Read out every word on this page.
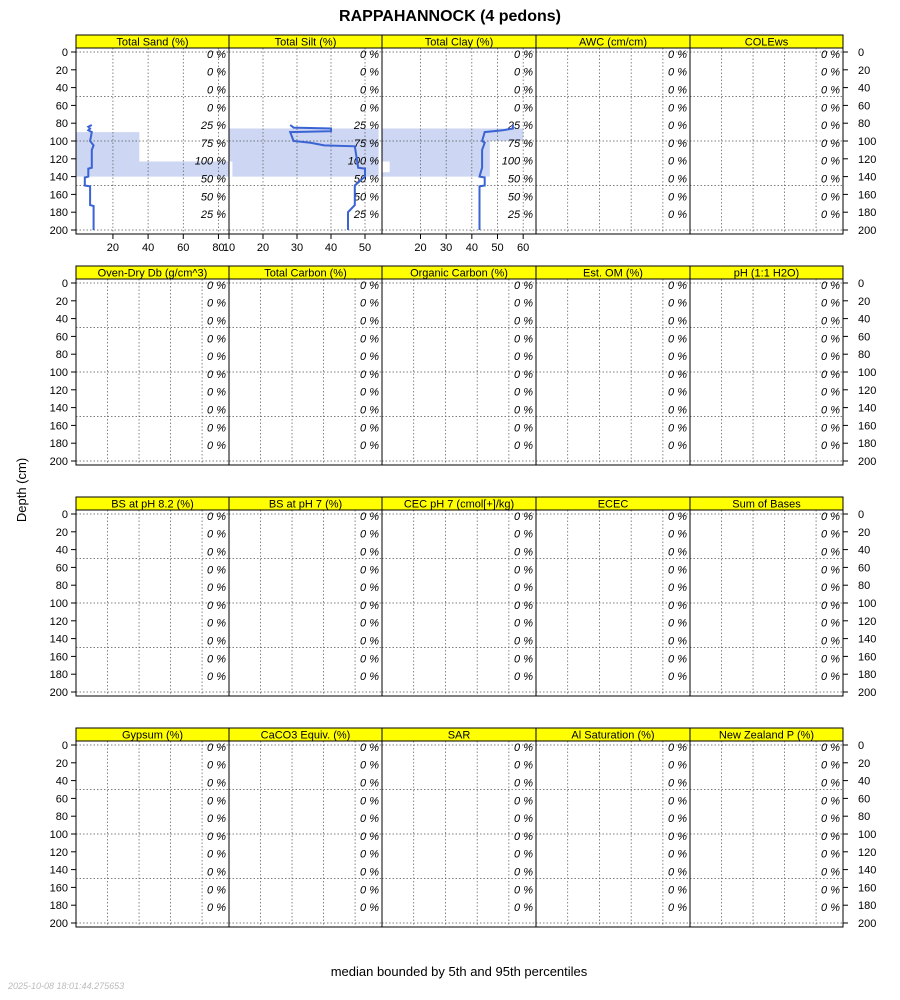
RAPPAHANNOCK (4 pedons)
Depth (cm)
median bounded by 5th and 95th percentiles
2025-10-08 18:01:44.275653
Total Sand (%)
0 %
0 %
0 %
0 %
25 %
75 %
100 %
50 %
50 %
25 %
20 40 60 80
Total Silt (%)
0 %
0 %
0 %
0 %
25 %
75 %
100 %
50 %
50 %
25 %
10 20 30 40 50
Total Clay (%)
0 %
0 %
0 %
0 %
25 %
75 %
100 %
50 %
50 %
25 %
20 30 40 50 60
AWC (cm/cm)
0 %
0 %
0 %
0 %
0 %
0 %
0 %
0 %
0 %
0 %
COLEws
0 %
0 %
0 %
0 %
0 %
0 %
0 %
0 %
0 %
0 %
0	0
20	20
40	40
60	60
80	80
100	100
120	120
140	140
160	160
180	180
200	200
Oven-Dry Db (g/cm^3)
0 %
0 %
0 %
0 %
0 %
0 %
0 %
0 %
0 %
0 %
Total Carbon (%)
0 %
0 %
0 %
0 %
0 %
0 %
0 %
0 %
0 %
0 %
Organic Carbon (%)
0 %
0 %
0 %
0 %
0 %
0 %
0 %
0 %
0 %
0 %
Est. OM (%)
0 %
0 %
0 %
0 %
0 %
0 %
0 %
0 %
0 %
0 %
pH (1:1 H2O)
0 %
0 %
0 %
0 %
0 %
0 %
0 %
0 %
0 %
0 %
0	0
20	20
40	40
60	60
80	80
100	100
120	120
140	140
160	160
180	180
200	200
BS at pH 8.2 (%)
0 %
0 %
0 %
0 %
0 %
0 %
0 %
0 %
0 %
0 %
BS at pH 7 (%)
0 %
0 %
0 %
0 %
0 %
0 %
0 %
0 %
0 %
0 %
CEC pH 7 (cmol[+]/kg)
0 %
0 %
0 %
0 %
0 %
0 %
0 %
0 %
0 %
0 %
ECEC
0 %
0 %
0 %
0 %
0 %
0 %
0 %
0 %
0 %
0 %
Sum of Bases
0 %
0 %
0 %
0 %
0 %
0 %
0 %
0 %
0 %
0 %
0	0
20	20
40	40
60	60
80	80
100	100
120	120
140	140
160	160
180	180
200	200
Gypsum (%)
0 %
0 %
0 %
0 %
0 %
0 %
0 %
0 %
0 %
0 %
CaCO3 Equiv. (%)
0 %
0 %
0 %
0 %
0 %
0 %
0 %
0 %
0 %
0 %
SAR
0 %
0 %
0 %
0 %
0 %
0 %
0 %
0 %
0 %
0 %
Al Saturation (%)
0 %
0 %
0 %
0 %
0 %
0 %
0 %
0 %
0 %
0 %
New Zealand P (%)
0 %
0 %
0 %
0 %
0 %
0 %
0 %
0 %
0 %
0 %
0	0
20	20
40	40
60	60
80	80
100	100
120	120
140	140
160	160
180	180
200	200
